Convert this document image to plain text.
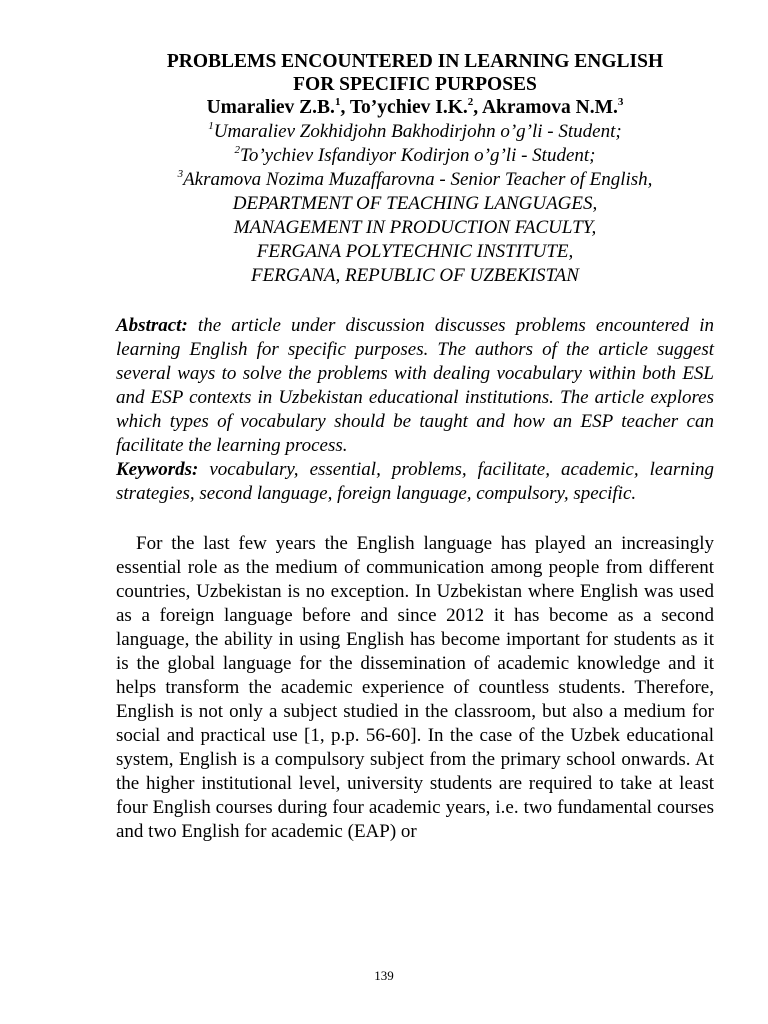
PROBLEMS ENCOUNTERED IN LEARNING ENGLISH

FOR SPECIFIC PURPOSES

Umaraliev Z.B.$^1$, To’ychiev I.K.$^2$, Akramova N.M.$^3$

$^1$Umaraliev Zokhidjohn Bakhodirjohn o’g’li - Student;

$^2$To’ychiev Isfandiyor Kodirjon o’g’li - Student;

$^3$Akramova Nozima Muzaffarovna - Senior Teacher of English,

DEPARTMENT OF TEACHING LANGUAGES,

MANAGEMENT IN PRODUCTION FACULTY,

FERGANA POLYTECHNIC INSTITUTE,

FERGANA, REPUBLIC OF UZBEKISTAN

Abstract: the article under discussion discusses problems encountered in learning English for specific purposes. The authors of the article suggest several ways to solve the problems with dealing vocabulary within both ESL and ESP contexts in Uzbekistan educational institutions. The article explores which types of vocabulary should be taught and how an ESP teacher can facilitate the learning process.

Keywords: vocabulary, essential, problems, facilitate, academic, learning strategies, second language, foreign language, compulsory, specific.

For the last few years the English language has played an increasingly essential role as the medium of communication among people from different countries, Uzbekistan is no exception. In Uzbekistan where English was used as a foreign language before and since 2012 it has become as a second language, the ability in using English has become important for students as it is the global language for the dissemination of academic knowledge and it helps transform the academic experience of countless students. Therefore, English is not only a subject studied in the classroom, but also a medium for social and practical use [1, p.p. 56-60]. In the case of the Uzbek educational system, English is a compulsory subject from the primary school onwards. At the higher institutional level, university students are required to take at least four English courses during four academic years, i.e. two fundamental courses and two English for academic (EAP) or

139
